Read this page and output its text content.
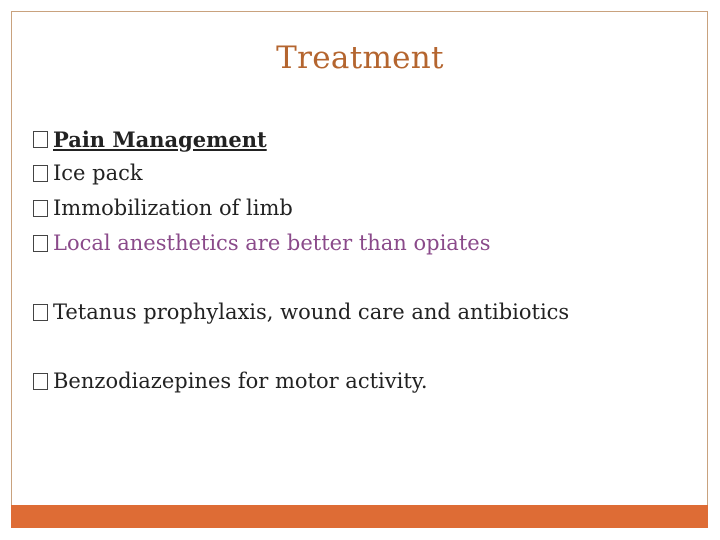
Treatment
Pain Management
Ice pack
Immobilization of limb
Local anesthetics are better than opiates
Tetanus prophylaxis, wound care and antibiotics
Benzodiazepines for motor activity.
